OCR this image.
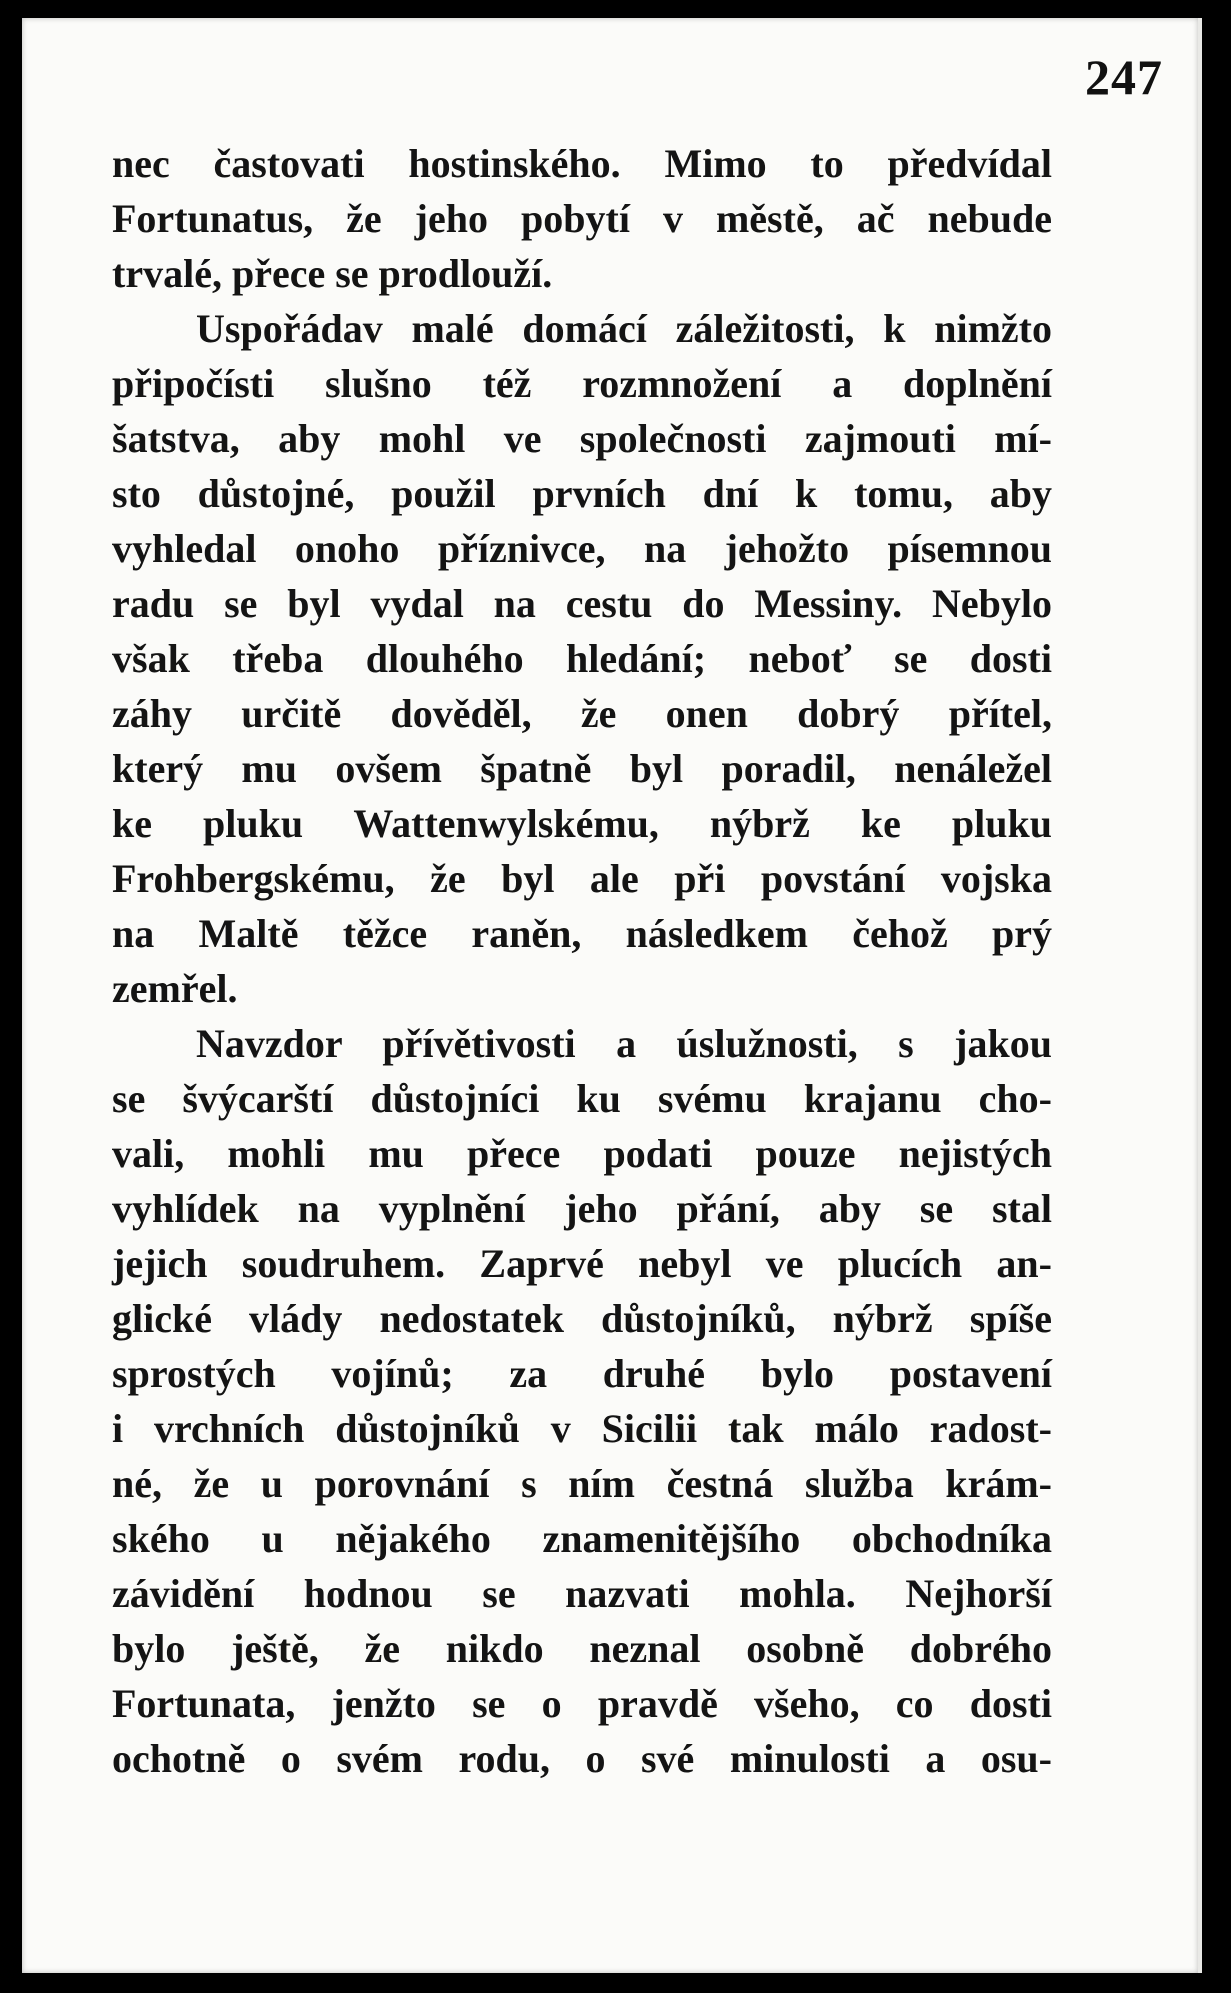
247
nec častovati hostinského. Mimo to předvídal
Fortunatus, že jeho pobytí v městě, ač nebude
trvalé, přece se prodlouží.
Uspořádav malé domácí záležitosti, k nimžto
připočísti slušno též rozmnožení a doplnění
šatstva, aby mohl ve společnosti zajmouti mí-
sto důstojné, použil prvních dní k tomu, aby
vyhledal onoho příznivce, na jehožto písemnou
radu se byl vydal na cestu do Messiny. Nebylo
však třeba dlouhého hledání; neboť se dosti
záhy určitě dověděl, že onen dobrý přítel,
který mu ovšem špatně byl poradil, nenáležel
ke pluku Wattenwylskému, nýbrž ke pluku
Frohbergskému, že byl ale při povstání vojska
na Maltě těžce raněn, následkem čehož prý
zemřel.
Navzdor přívětivosti a úslužnosti, s jakou
se švýcarští důstojníci ku svému krajanu cho-
vali, mohli mu přece podati pouze nejistých
vyhlídek na vyplnění jeho přání, aby se stal
jejich soudruhem. Zaprvé nebyl ve plucích an-
glické vlády nedostatek důstojníků, nýbrž spíše
sprostých vojínů; za druhé bylo postavení
i vrchních důstojníků v Sicilii tak málo radost-
né, že u porovnání s ním čestná služba krám-
ského u nějakého znamenitějšího obchodníka
závidění hodnou se nazvati mohla. Nejhorší
bylo ještě, že nikdo neznal osobně dobrého
Fortunata, jenžto se o pravdě všeho, co dosti
ochotně o svém rodu, o své minulosti a osu-
